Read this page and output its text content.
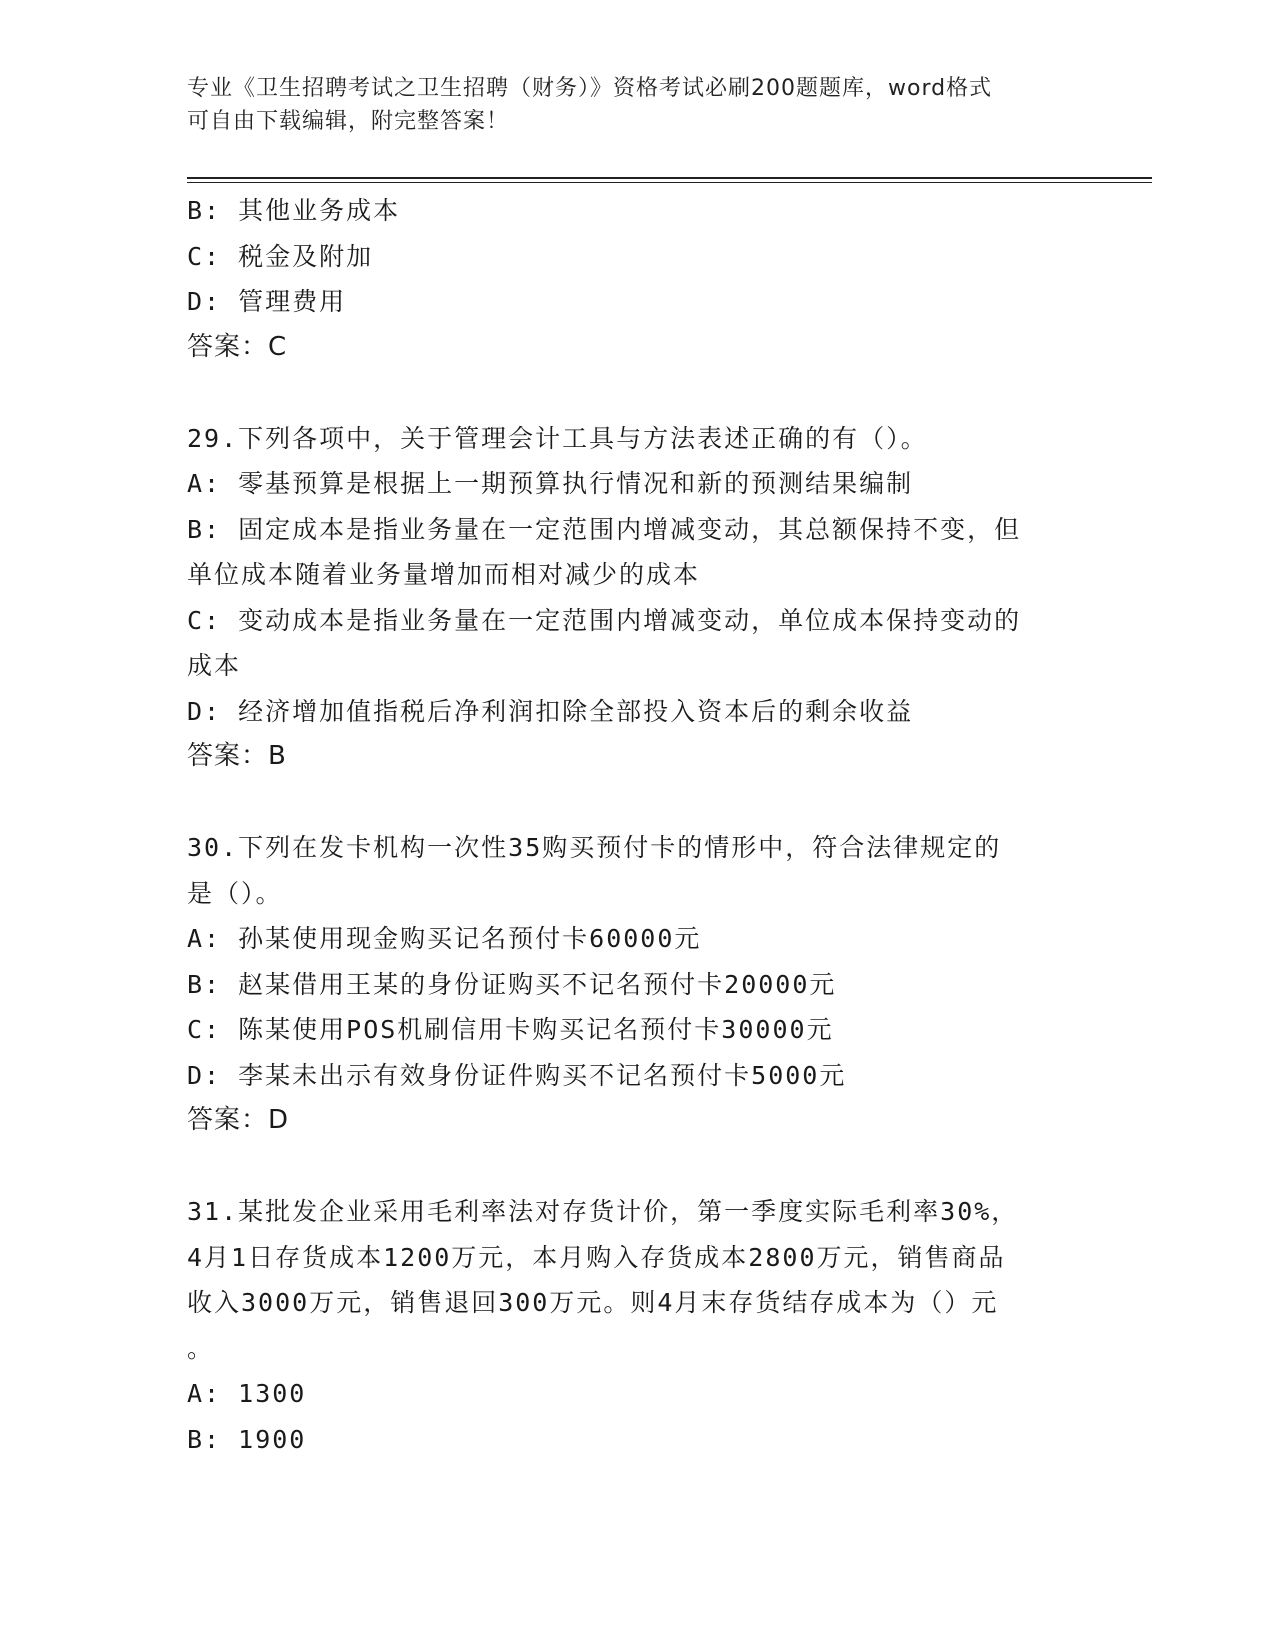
专业《卫生招聘考试之卫生招聘（财务）》资格考试必刷200题题库，word格式
可自由下载编辑，附完整答案！
B: 其他业务成本
C: 税金及附加
D: 管理费用
答案：C
29.下列各项中，关于管理会计工具与方法表述正确的有（）。
A: 零基预算是根据上一期预算执行情况和新的预测结果编制
B: 固定成本是指业务量在一定范围内增减变动，其总额保持不变，但
单位成本随着业务量增加而相对减少的成本
C: 变动成本是指业务量在一定范围内增减变动，单位成本保持变动的
成本
D: 经济增加值指税后净利润扣除全部投入资本后的剩余收益
答案：B
30.下列在发卡机构一次性35购买预付卡的情形中，符合法律规定的
是（）。
A: 孙某使用现金购买记名预付卡60000元
B: 赵某借用王某的身份证购买不记名预付卡20000元
C: 陈某使用POS机刷信用卡购买记名预付卡30000元
D: 李某未出示有效身份证件购买不记名预付卡5000元
答案：D
31.某批发企业采用毛利率法对存货计价，第一季度实际毛利率30%，
4月1日存货成本1200万元，本月购入存货成本2800万元，销售商品
收入3000万元，销售退回300万元。则4月末存货结存成本为（）元
。
A: 1300
B: 1900
